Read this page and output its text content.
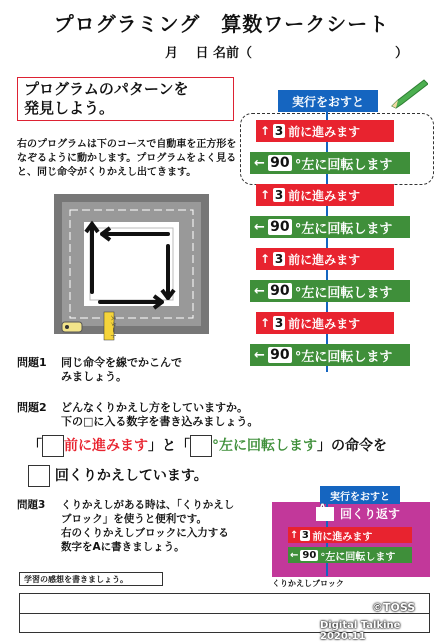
プログラミング　算数ワークシート
月　 日 名前（　　　　　　　　　　　）
プログラムのパターンを
発見しよう。
右のプログラムは下のコースで自動車を正方形をなぞるように動かします。プログラムをよく見ると、同じ命令がくりかえし出てきます。
スタート
実行をおすと
↑ 3 前に進みます
← 90 °左に回転します
↑ 3 前に進みます
← 90 °左に回転します
↑ 3 前に進みます
← 90 °左に回転します
↑ 3 前に進みます
← 90 °左に回転します
問題1 同じ命令を線でかこんで
みましょう。
問題2 どんなくりかえし方をしていますか。
下の□に入る数字を書き込みましょう。
「 前に進みます」と「 °左に回転します」の命令を
回くりかえしています。
問題3 くりかえしがある時は、「くりかえし
ブロック」を使うと便利です。
右のくりかえしブロックに入力する
数字をAに書きましょう。
実行をおすと
回くり返す
↑ 3 前に進みます
← 90 °左に回転します
くりかえしブロック
学習の感想を書きましょう。
©TOSS
Digital Talkine 2020.11
